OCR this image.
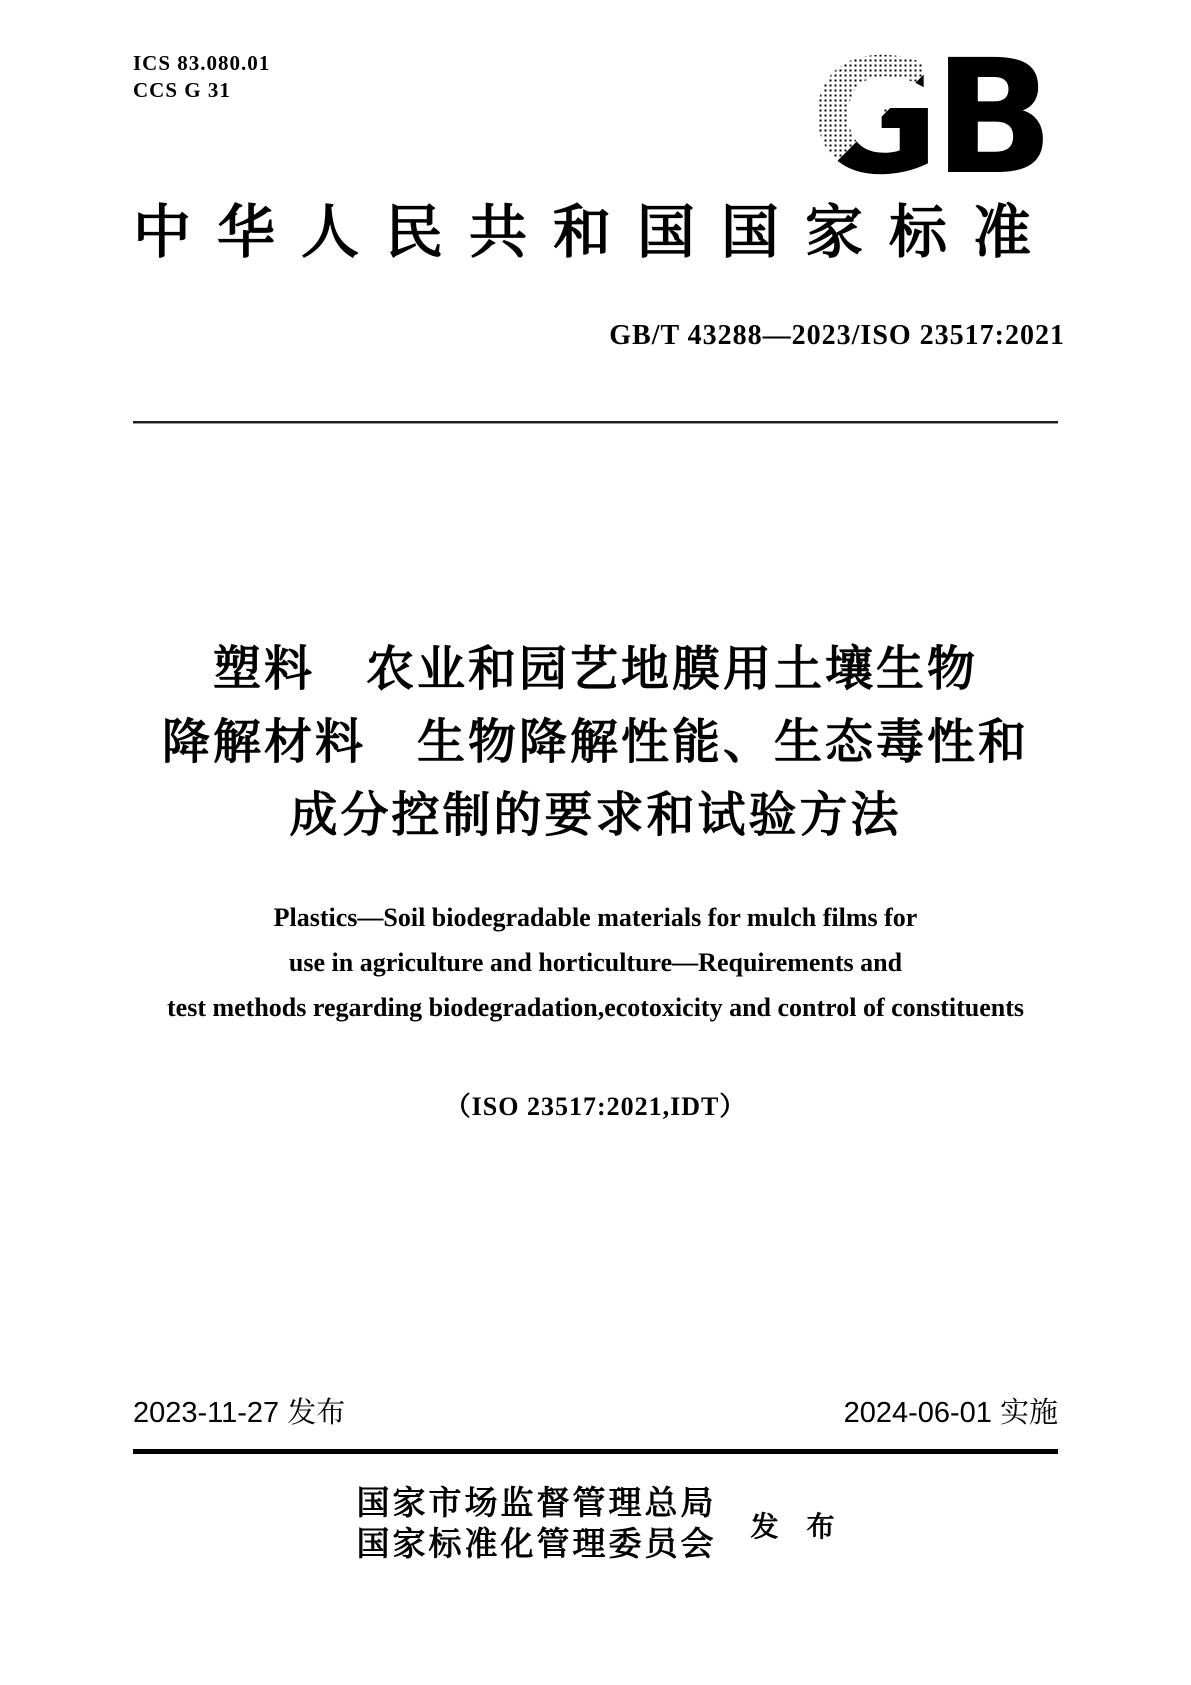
ICS 83.080.01
CCS G 31	GB
中华人民共和国国家标准
GB/T 43288—2023/ISO 23517:2021
塑料　农业和园艺地膜用土壤生物
降解材料　生物降解性能、生态毒性和
成分控制的要求和试验方法
Plastics—Soil biodegradable materials for mulch films for
use in agriculture and horticulture—Requirements and
test methods regarding biodegradation,ecotoxicity and control of constituents
（ISO 23517:2021,IDT）
2023-11-27 发布	2024-06-01 实施
国家市场监督管理总局
国家标准化管理委员会
发　布
